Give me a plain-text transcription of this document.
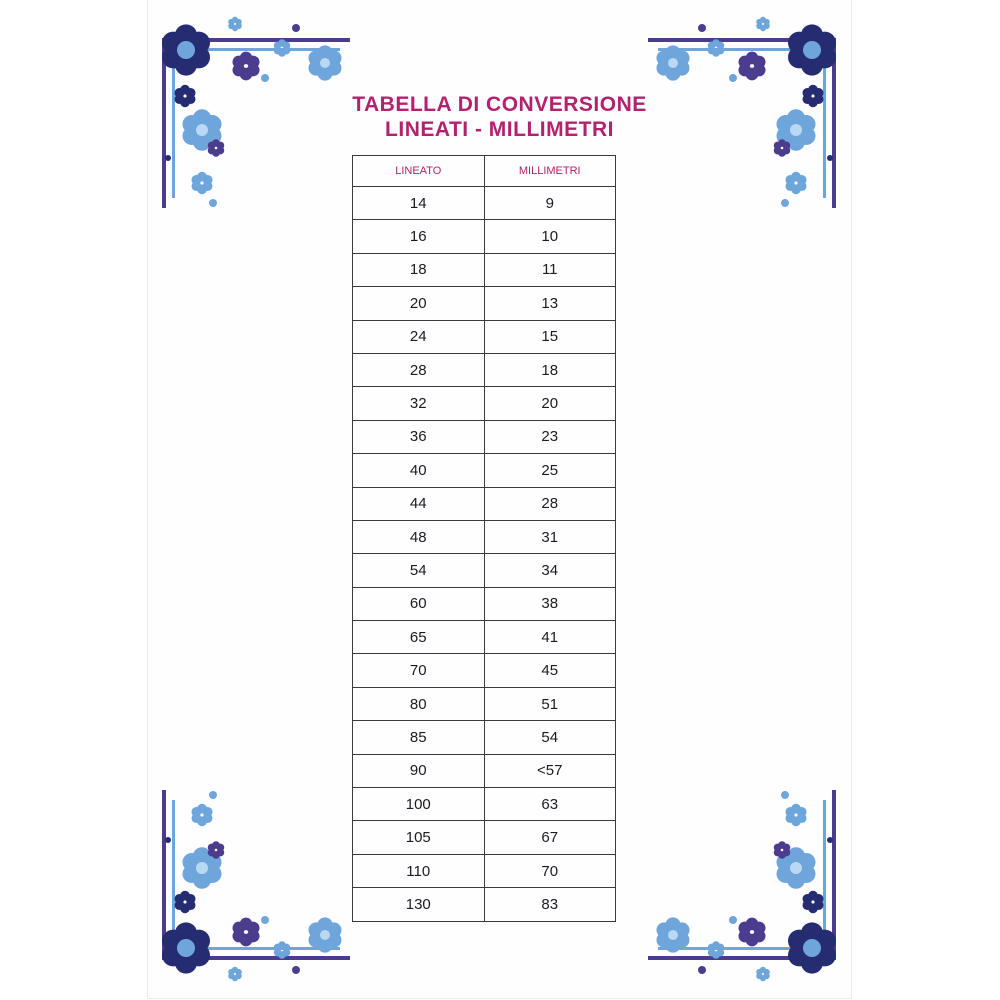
TABELLA DI CONVERSIONE
LINEATI - MILLIMETRI
LINEATO	MILLIMETRI
14	9
16	10
18	11
20	13
24	15
28	18
32	20
36	23
40	25
44	28
48	31
54	34
60	38
65	41
70	45
80	51
85	54
90	<57
100	63
105	67
110	70
130	83
